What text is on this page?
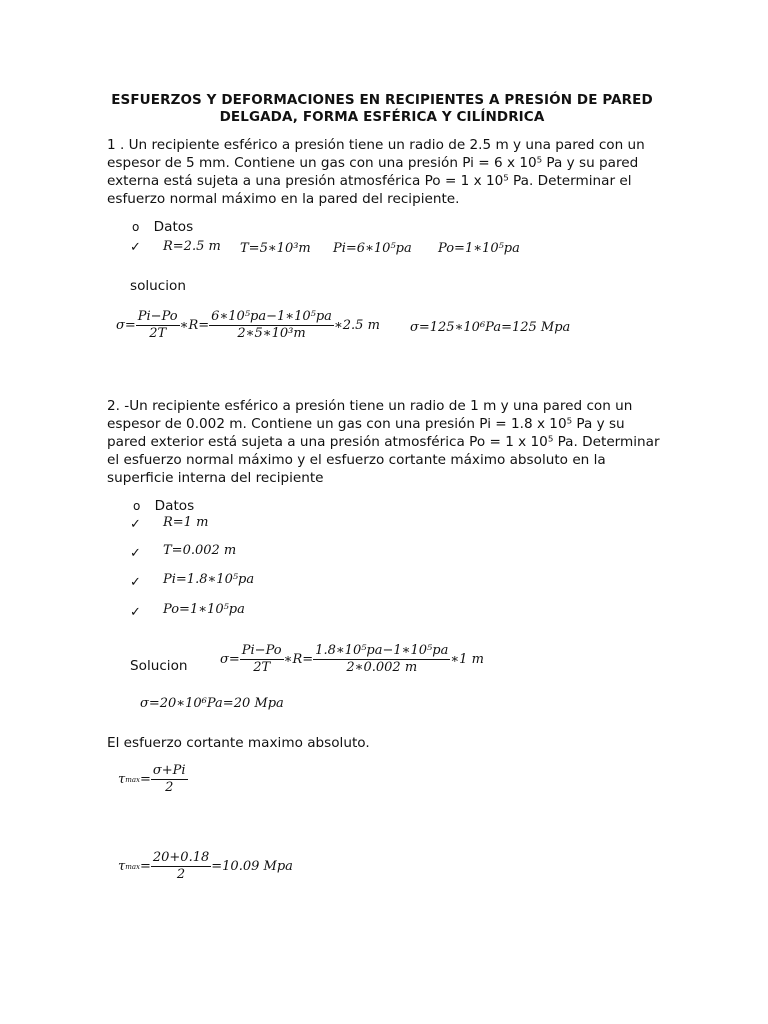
ESFUERZOS Y DEFORMACIONES EN RECIPIENTES A PRESIÓN DE PARED DELGADA, FORMA ESFÉRICA Y CILÍNDRICA
1 . Un recipiente esférico a presión tiene un radio de 2.5 m y una pared con un espesor de 5 mm. Contiene un gas con una presión Pi = 6 x 10⁵ Pa y su pared externa está sujeta a una presión atmosférica Po = 1 x 10⁵ Pa. Determinar el esfuerzo normal máximo en la pared del recipiente.
o Datos
✓ R=2.5 m T=5∗10³m Pi=6∗10⁵pa Po=1∗10⁵pa
solucion
$\sigma= \frac{Pi-Po}{2T}$ ∗R= $\frac{\text{6∗10⁵pa−1∗10⁵pa}}{\text{2∗5∗10³m}}$ ∗2.5 m σ=125∗10⁶Pa=125 Mpa
2. -Un recipiente esférico a presión tiene un radio de 1 m y una pared con un espesor de 0.002 m. Contiene un gas con una presión Pi = 1.8 x 10⁵ Pa y su pared exterior está sujeta a una presión atmosférica Po = 1 x 10⁵ Pa. Determinar el esfuerzo normal máximo y el esfuerzo cortante máximo absoluto en la superficie interna del recipiente
o Datos
✓ R=1 m
✓ T=0.002 m
✓ Pi=1.8∗10⁵pa
✓ Po=1∗10⁵pa
Solucion $\sigma= \frac{Pi-Po}{2T}$ ∗R= $\frac{\text{1.8∗10⁵pa−1∗10⁵pa}}{2∗0.002 m}$ ∗1 m
σ=20∗10⁶Pa=20 Mpa
El esfuerzo cortante maximo absoluto.
τ $\max = \frac{\sigma+Pi}{2}$
τ $\max = \frac{20+0.18}{2} =10.09$ Mpa
